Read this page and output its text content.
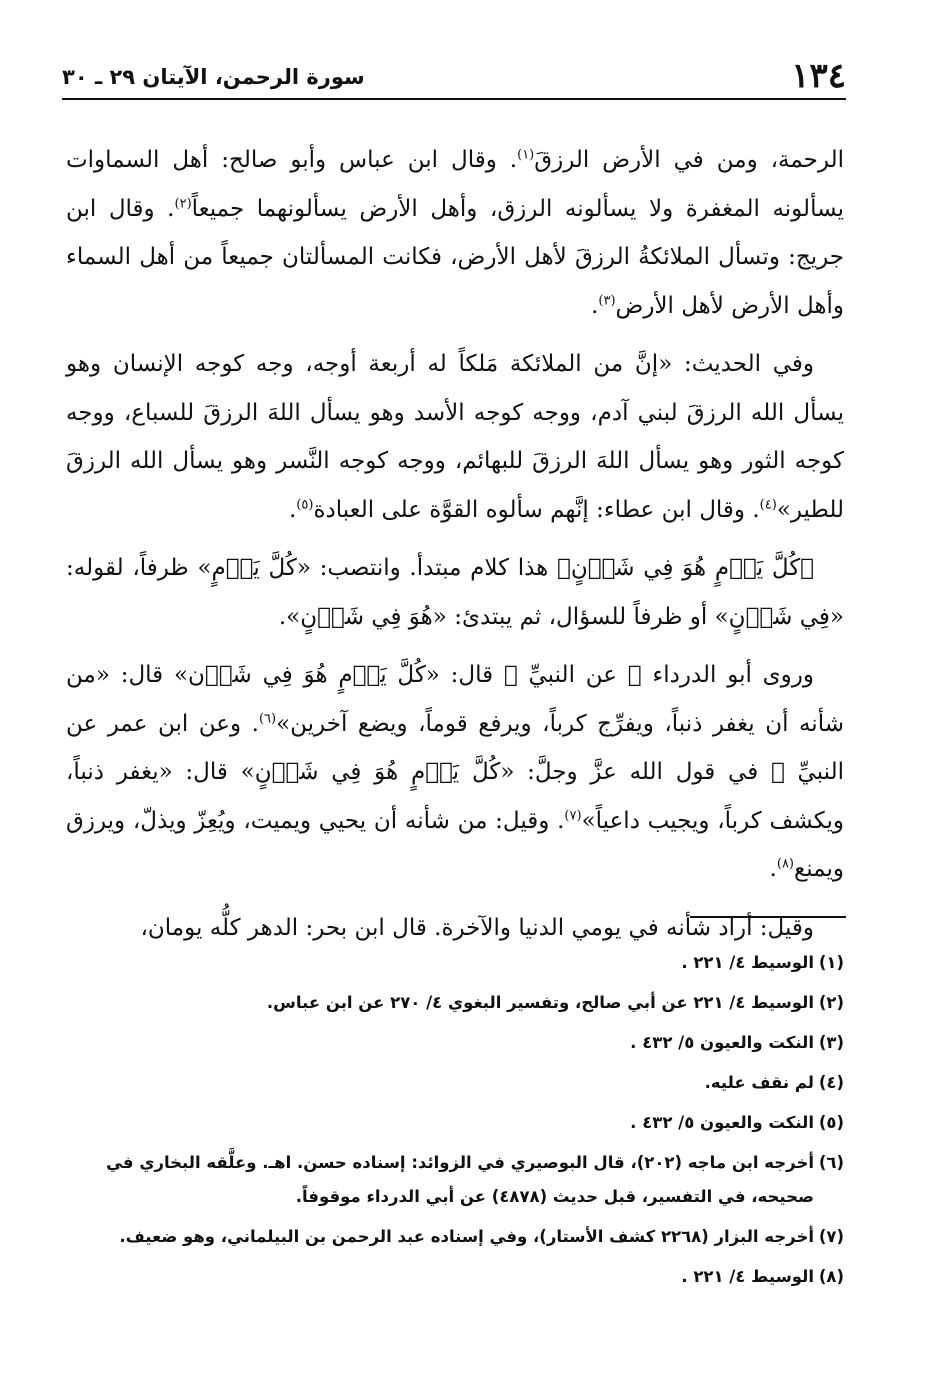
١٣٤
سورة الرحمن، الآيتان ٢٩ ـ ٣٠

الرحمة، ومن في الأرض الرزقَ$^{(١)}$. وقال ابن عباس وأبو صالح: أهل السماوات يسألونه المغفرة ولا يسألونه الرزق، وأهل الأرض يسألونهما جميعاً$^{(٢)}$. وقال ابن جريج: وتسأل الملائكةُ الرزقَ لأهل الأرض، فكانت المسألتان جميعاً من أهل السماء وأهل الأرض لأهل الأرض$^{(٣)}$.

وفي الحديث: «إنَّ من الملائكة مَلكاً له أربعة أوجه، وجه كوجه الإنسان وهو يسأل الله الرزقَ لبني آدم، ووجه كوجه الأسد وهو يسأل اللهَ الرزقَ للسباع، ووجه كوجه الثور وهو يسأل اللهَ الرزقَ للبهائم، ووجه كوجه النَّسر وهو يسأل الله الرزقَ للطير»$^{(٤)}$. وقال ابن عطاء: إنَّهم سألوه القوَّة على العبادة$^{(٥)}$.

﴿كُلَّ يَوۡمٍ هُوَ فِي شَأۡنٍ﴾ هذا كلام مبتدأ. وانتصب: «كُلَّ يَوۡمٍ» ظرفاً، لقوله: «فِي شَأۡنٍ» أو ظرفاً للسؤال، ثم يبتدئ: «هُوَ فِي شَأۡنٍ».

وروى أبو الدرداء ﷺ عن النبيِّ ﷺ قال: «كُلَّ يَوۡمٍ هُوَ فِي شَأۡن» قال: «من شأنه أن يغفر ذنباً، ويفرِّج كرباً، ويرفع قوماً، ويضع آخرين»$^{(٦)}$. وعن ابن عمر عن النبيِّ ﷺ في قول الله عزَّ وجلَّ: «كُلَّ يَوۡمٍ هُوَ فِي شَأۡنٍ» قال: «يغفر ذنباً، ويكشف كرباً، ويجيب داعياً»$^{(٧)}$. وقيل: من شأنه أن يحيي ويميت، ويُعِزّ ويذلّ، ويرزق ويمنع$^{(٨)}$.

وقيل: أراد شأنه في يومي الدنيا والآخرة. قال ابن بحر: الدهر كلُّه يومان،

(١)
الوسيط ٤/ ٢٢١ .
(٢)
الوسيط ٤/ ٢٢١ عن أبي صالح، وتفسير البغوي ٤/ ٢٧٠ عن ابن عباس.
(٣)
النكت والعيون ٥/ ٤٣٢ .
(٤)
لم نقف عليه.
(٥)
النكت والعيون ٥/ ٤٣٢ .
(٦)
أخرجه ابن ماجه (٢٠٢)، قال البوصيري في الزوائد: إسناده حسن. اهـ. وعلَّقه البخاري في صحيحه، في التفسير، قبل حديث (٤٨٧٨) عن أبي الدرداء موقوفاً.
(٧)
أخرجه البزار (٢٢٦٨ كشف الأستار)، وفي إسناده عبد الرحمن بن البيلماني، وهو ضعيف.
(٨)
الوسيط ٤/ ٢٢١ .
